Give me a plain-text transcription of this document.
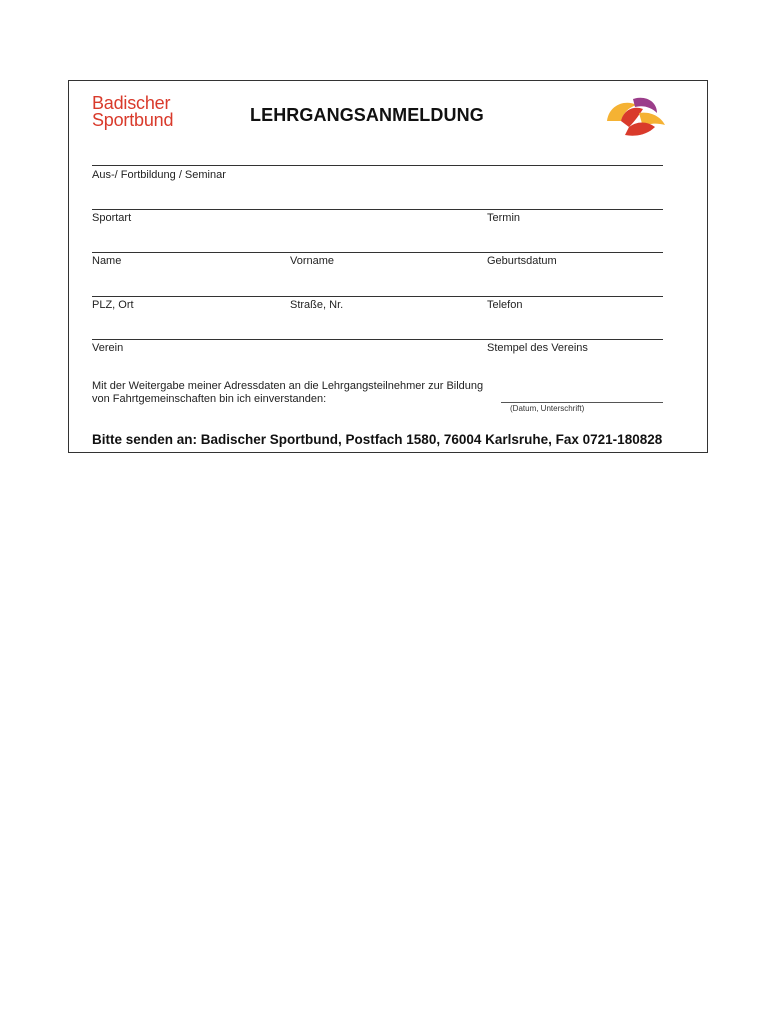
Badischer
Sportbund	LEHRGANGSANMELDUNG
Aus-/ Fortbildung / Seminar
Sportart	Termin
Name	Vorname	Geburtsdatum
PLZ, Ort	Straße, Nr.	Telefon
Verein	Stempel des Vereins
Mit der Weitergabe meiner Adressdaten an die Lehrgangsteilnehmer zur Bildung
von Fahrtgemeinschaften bin ich einverstanden:
(Datum, Unterschrift)
Bitte senden an: Badischer Sportbund, Postfach 1580, 76004 Karlsruhe, Fax 0721-180828
